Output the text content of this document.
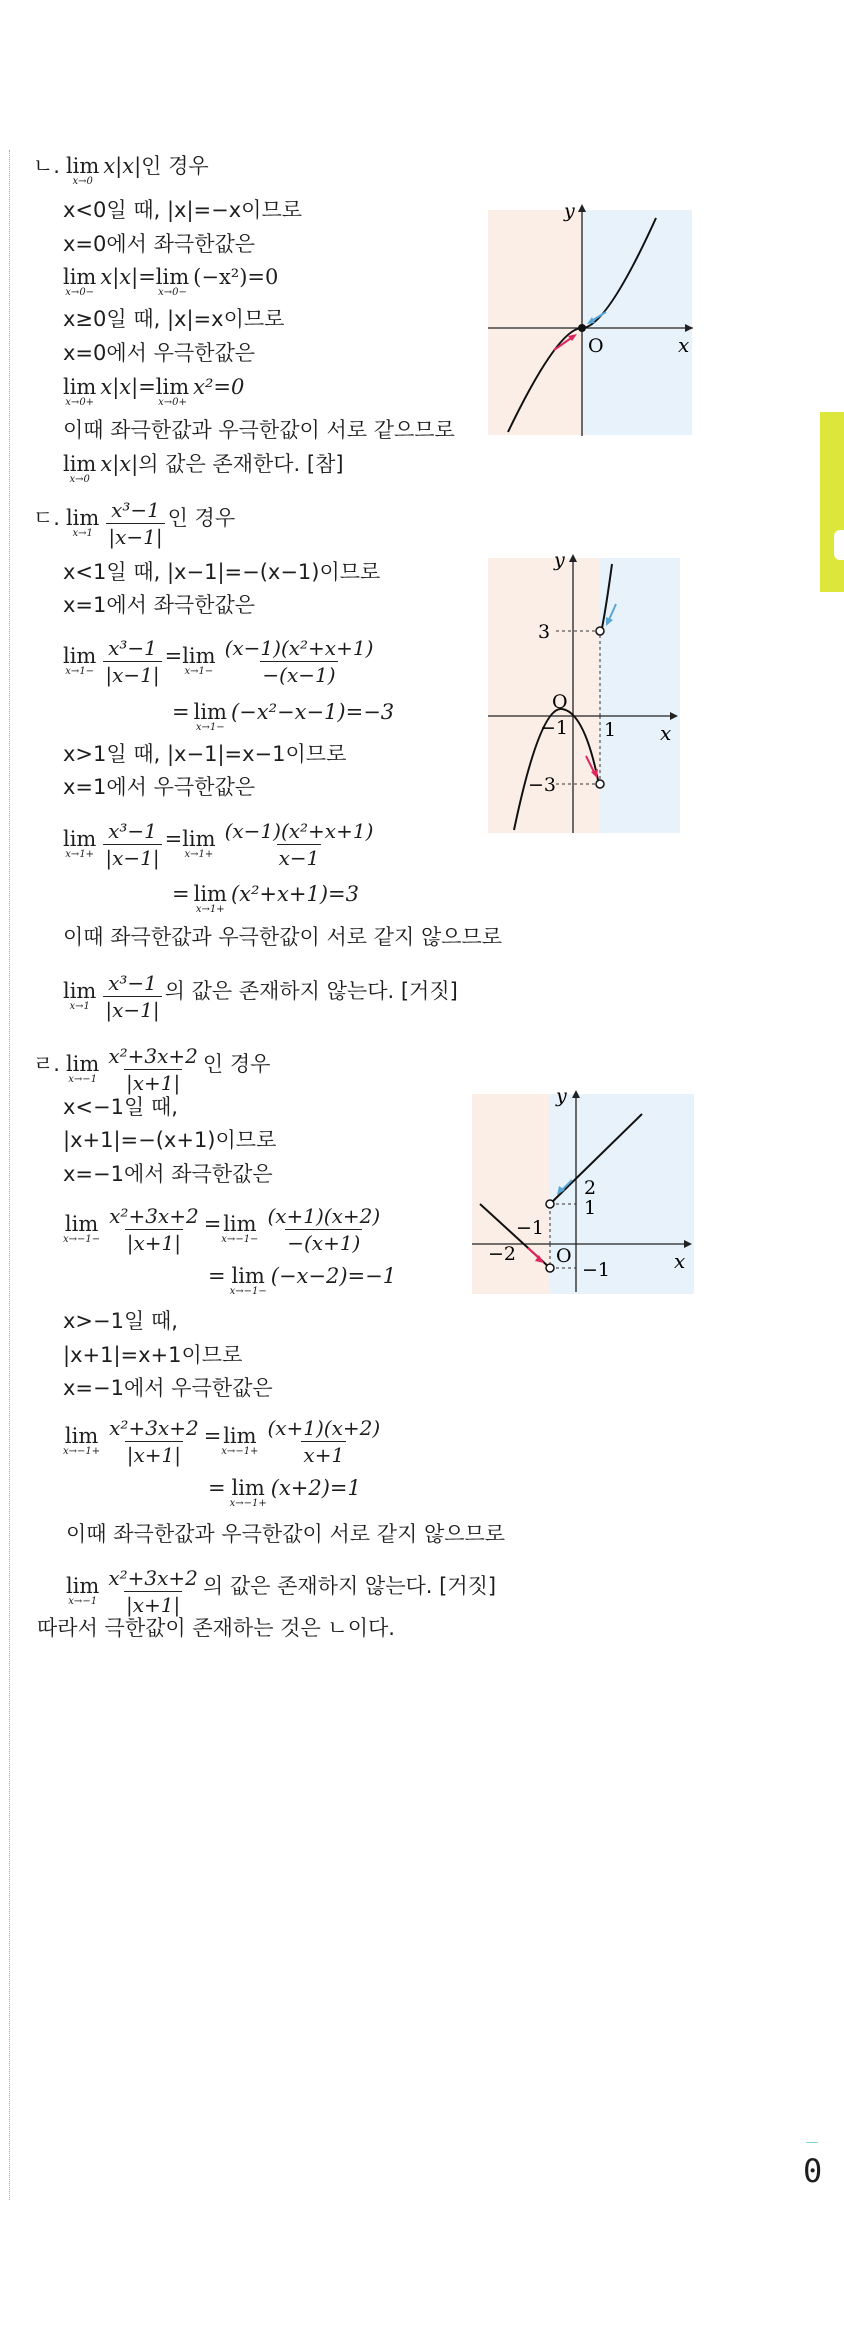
ㄴ. lim
x→0
x|x| 인 경우
x<0일 때, |x|=−x이므로
x=0에서 좌극한값은
lim
x→0−
x|x|= lim
x→0−
(−x²)=0
x≥0일 때, |x|=x이므로
x=0에서 우극한값은
lim
x→0+
x|x|= lim
x→0+
x²=0
이때 좌극한값과 우극한값이 서로 같으므로
lim
x→0
x|x| 의 값은 존재한다. [참]
y
x
O
ㄷ. lim
$x\to 1 \frac{\text{x³−1}}{|x-1|}$ 인 경우
x<1일 때, |x−1|=−(x−1)이므로
x=1에서 좌극한값은
lim
$x\to 1- \frac{\text{x³−1}}{|x-1|} = \lim$
$x\to 1- \frac{\text{(x−1)(x²+x+1)}}{-(x-1)}$
= lim
x→1−
(−x²−x−1)=−3
x>1일 때, |x−1|=x−1이므로
x=1에서 우극한값은
lim
$x\to 1+ \frac{\text{x³−1}}{|x-1|} = \lim$
$x\to 1+ \frac{\text{(x−1)(x²+x+1)}}{x-1}$
= lim
x→1+
(x²+x+1)=3
이때 좌극한값과 우극한값이 서로 같지 않으므로
lim
$x\to 1 \frac{\text{x³−1}}{|x-1|}$ 의 값은 존재하지 않는다. [거짓]
y
x
O
3
−1
−3
1
ㄹ. lim
$x\to-1 \frac{\text{x²+3x+2}}{|x+1|}$ 인 경우
x<−1일 때,
|x+1|=−(x+1)이므로
x=−1에서 좌극한값은
lim
$x\to-1- \frac{\text{x²+3x+2}}{|x+1|} = \lim$
$x\to-1- \frac{(x+1)(x+2)}{-(x+1)}$
= lim
x→−1−
(−x−2)=−1
x>−1일 때,
|x+1|=x+1이므로
x=−1에서 우극한값은
lim
$x\to-1+ \frac{\text{x²+3x+2}}{|x+1|} = \lim$
$x\to-1+ \frac{(x+1)(x+2)}{x+1}$
= lim
x→−1+
(x+2)=1
이때 좌극한값과 우극한값이 서로 같지 않으므로
lim
$x\to-1 \frac{\text{x²+3x+2}}{|x+1|}$ 의 값은 존재하지 않는다. [거짓]
따라서 극한값이 존재하는 것은 ㄴ이다.
y
x
O
2
1
−1
−1
−2
0
